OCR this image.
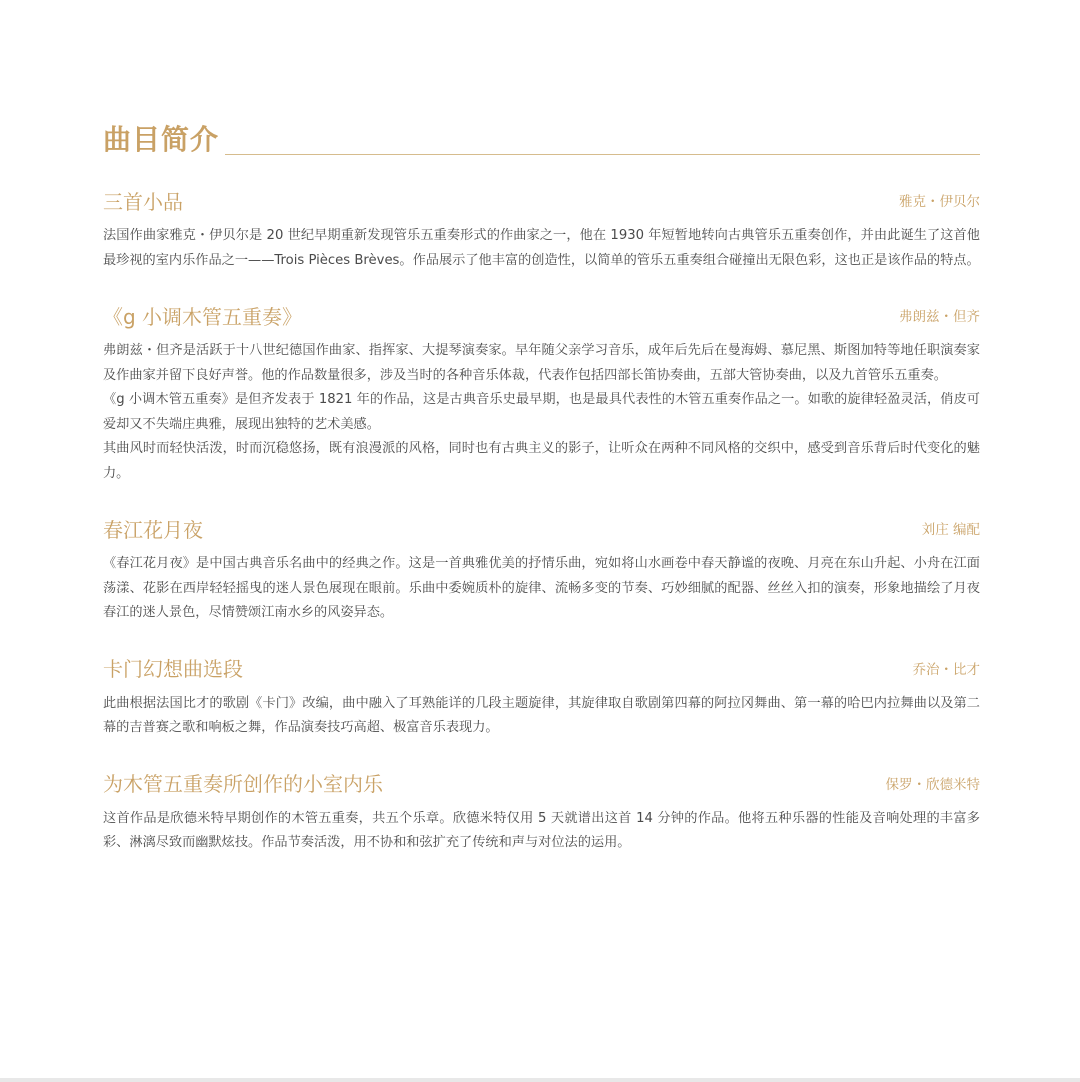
曲目简介
三首小品	雅克・伊贝尔

法国作曲家雅克・伊贝尔是 20 世纪早期重新发现管乐五重奏形式的作曲家之一，他在 1930 年短暂地转向古典管乐五重奏创作，并由此诞生了这首他最珍视的室内乐作品之一——Trois Pièces Brèves。作品展示了他丰富的创造性，以简单的管乐五重奏组合碰撞出无限色彩，这也正是该作品的特点。

《g 小调木管五重奏》	弗朗兹・但齐

弗朗兹・但齐是活跃于十八世纪德国作曲家、指挥家、大提琴演奏家。早年随父亲学习音乐，成年后先后在曼海姆、慕尼黑、斯图加特等地任职演奏家及作曲家并留下良好声誉。他的作品数量很多，涉及当时的各种音乐体裁，代表作包括四部长笛协奏曲，五部大管协奏曲，以及九首管乐五重奏。

《g 小调木管五重奏》是但齐发表于 1821 年的作品，这是古典音乐史最早期，也是最具代表性的木管五重奏作品之一。如歌的旋律轻盈灵活，俏皮可爱却又不失端庄典雅，展现出独特的艺术美感。

其曲风时而轻快活泼，时而沉稳悠扬，既有浪漫派的风格，同时也有古典主义的影子，让听众在两种不同风格的交织中，感受到音乐背后时代变化的魅力。

春江花月夜	刘庄 编配

《春江花月夜》是中国古典音乐名曲中的经典之作。这是一首典雅优美的抒情乐曲，宛如将山水画卷中春天静谧的夜晚、月亮在东山升起、小舟在江面荡漾、花影在西岸轻轻摇曳的迷人景色展现在眼前。乐曲中委婉质朴的旋律、流畅多变的节奏、巧妙细腻的配器、丝丝入扣的演奏，形象地描绘了月夜春江的迷人景色，尽情赞颂江南水乡的风姿异态。

卡门幻想曲选段	乔治・比才

此曲根据法国比才的歌剧《卡门》改编，曲中融入了耳熟能详的几段主题旋律，其旋律取自歌剧第四幕的阿拉冈舞曲、第一幕的哈巴内拉舞曲以及第二幕的吉普赛之歌和响板之舞，作品演奏技巧高超、极富音乐表现力。

为木管五重奏所创作的小室内乐	保罗・欣德米特

这首作品是欣德米特早期创作的木管五重奏，共五个乐章。欣德米特仅用 5 天就谱出这首 14 分钟的作品。他将五种乐器的性能及音响处理的丰富多彩、淋漓尽致而幽默炫技。作品节奏活泼，用不协和和弦扩充了传统和声与对位法的运用。
